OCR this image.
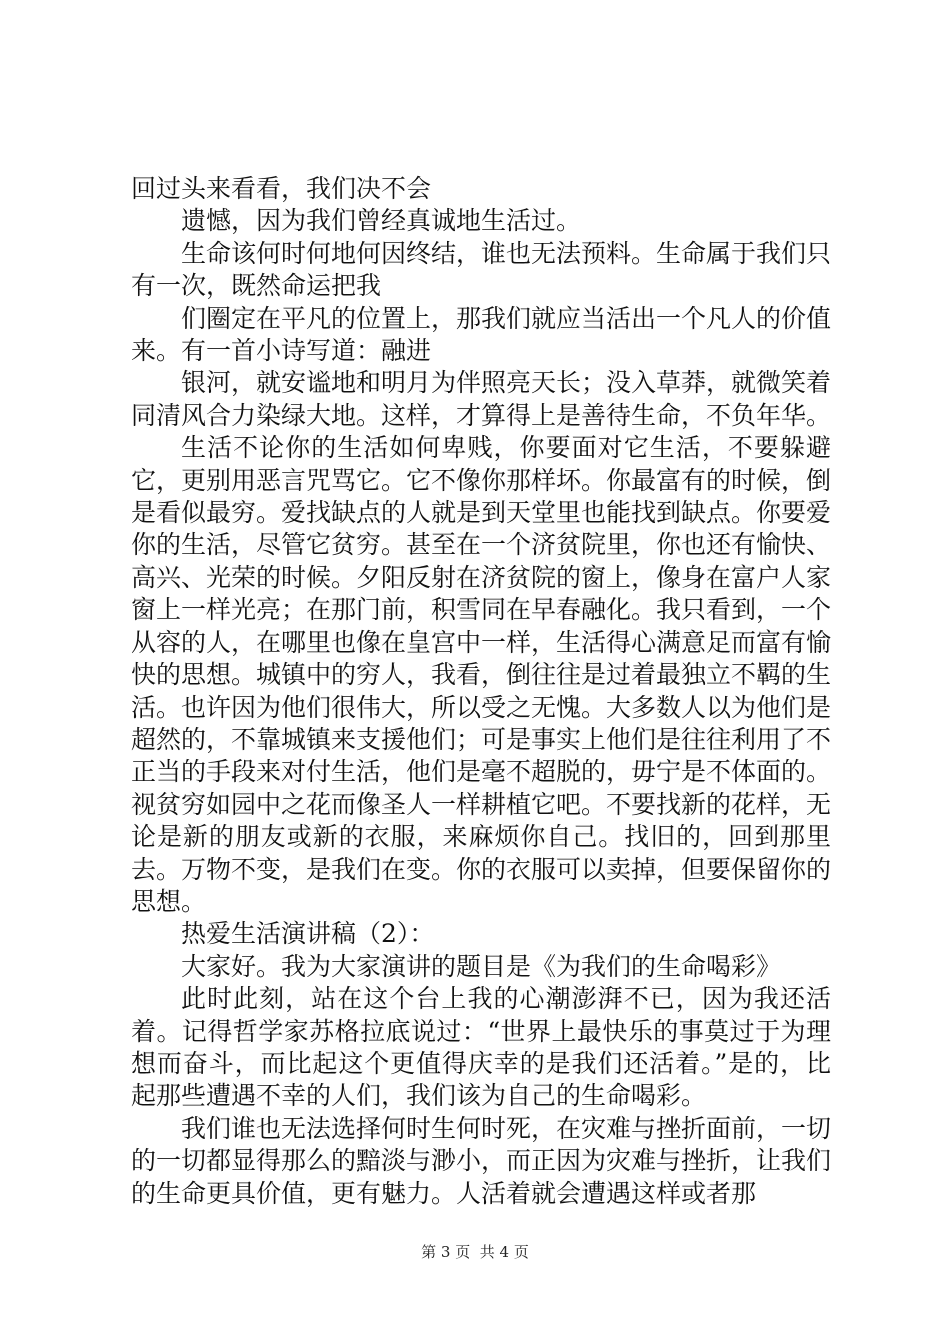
回过头来看看，我们决不会

遗憾，因为我们曾经真诚地生活过。

生命该何时何地何因终结，谁也无法预料。生命属于我们只有一次，既然命运把我

们圈定在平凡的位置上，那我们就应当活出一个凡人的价值来。有一首小诗写道：融进

银河，就安谧地和明月为伴照亮天长；没入草莽，就微笑着同清风合力染绿大地。这样，才算得上是善待生命，不负年华。

生活不论你的生活如何卑贱，你要面对它生活，不要躲避它，更别用恶言咒骂它。它不像你那样坏。你最富有的时候，倒是看似最穷。爱找缺点的人就是到天堂里也能找到缺点。你要爱你的生活，尽管它贫穷。甚至在一个济贫院里，你也还有愉快、高兴、光荣的时候。夕阳反射在济贫院的窗上，像身在富户人家窗上一样光亮；在那门前，积雪同在早春融化。我只看到，一个从容的人，在哪里也像在皇宫中一样，生活得心满意足而富有愉快的思想。城镇中的穷人，我看，倒往往是过着最独立不羁的生活。也许因为他们很伟大，所以受之无愧。大多数人以为他们是超然的，不靠城镇来支援他们；可是事实上他们是往往利用了不正当的手段来对付生活，他们是毫不超脱的，毋宁是不体面的。视贫穷如园中之花而像圣人一样耕植它吧。不要找新的花样，无论是新的朋友或新的衣服，来麻烦你自己。找旧的，回到那里去。万物不变，是我们在变。你的衣服可以卖掉，但要保留你的思想。

热爱生活演讲稿（2）：

大家好。我为大家演讲的题目是《为我们的生命喝彩》

此时此刻，站在这个台上我的心潮澎湃不已，因为我还活着。记得哲学家苏格拉底说过：“世界上最快乐的事莫过于为理想而奋斗，而比起这个更值得庆幸的是我们还活着。”是的，比起那些遭遇不幸的人们，我们该为自己的生命喝彩。

我们谁也无法选择何时生何时死，在灾难与挫折面前，一切的一切都显得那么的黯淡与渺小，而正因为灾难与挫折，让我们的生命更具价值，更有魅力。人活着就会遭遇这样或者那

第 3 页  共 4 页
